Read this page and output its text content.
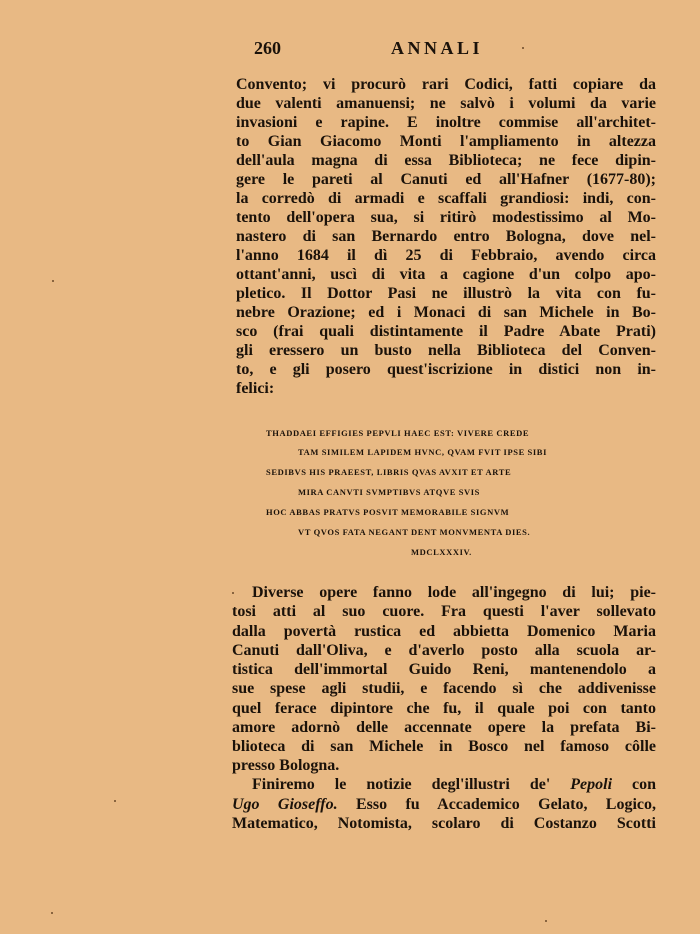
260	ANNALI
Convento; vi procurò rari Codici, fatti copiare da
due valenti amanuensi; ne salvò i volumi da varie
invasioni e rapine. E inoltre commise all'architet-
to Gian Giacomo Monti l'ampliamento in altezza
dell'aula magna di essa Biblioteca; ne fece dipin-
gere le pareti al Canuti ed all'Hafner (1677-80);
la corredò di armadi e scaffali grandiosi: indi, con-
tento dell'opera sua, si ritirò modestissimo al Mo-
nastero di san Bernardo entro Bologna, dove nel-
l'anno 1684 il dì 25 di Febbraio, avendo circa
ottant'anni, uscì di vita a cagione d'un colpo apo-
pletico. Il Dottor Pasi ne illustrò la vita con fu-
nebre Orazione; ed i Monaci di san Michele in Bo-
sco (frai quali distintamente il Padre Abate Prati)
gli eressero un busto nella Biblioteca del Conven-
to, e gli posero quest'iscrizione in distici non in-
felici:
THADDAEI EFFIGIES PEPVLI HAEC EST: VIVERE CREDE
TAM SIMILEM LAPIDEM HVNC, QVAM FVIT IPSE SIBI
SEDIBVS HIS PRAEEST, LIBRIS QVAS AVXIT ET ARTE
MIRA CANVTI SVMPTIBVS ATQVE SVIS
HOC ABBAS PRATVS POSVIT MEMORABILE SIGNVM
VT QVOS FATA NEGANT DENT MONVMENTA DIES.
MDCLXXXIV.
Diverse opere fanno lode all'ingegno di lui; pie-
tosi atti al suo cuore. Fra questi l'aver sollevato
dalla povertà rustica ed abbietta Domenico Maria
Canuti dall'Oliva, e d'averlo posto alla scuola ar-
tistica dell'immortal Guido Reni, mantenendolo a
sue spese agli studii, e facendo sì che addivenisse
quel ferace dipintore che fu, il quale poi con tanto
amore adornò delle accennate opere la prefata Bi-
blioteca di san Michele in Bosco nel famoso côlle
presso Bologna.
Finiremo le notizie degl'illustri de' Pepoli con
Ugo Gioseffo. Esso fu Accademico Gelato, Logico,
Matematico, Notomista, scolaro di Costanzo Scotti
